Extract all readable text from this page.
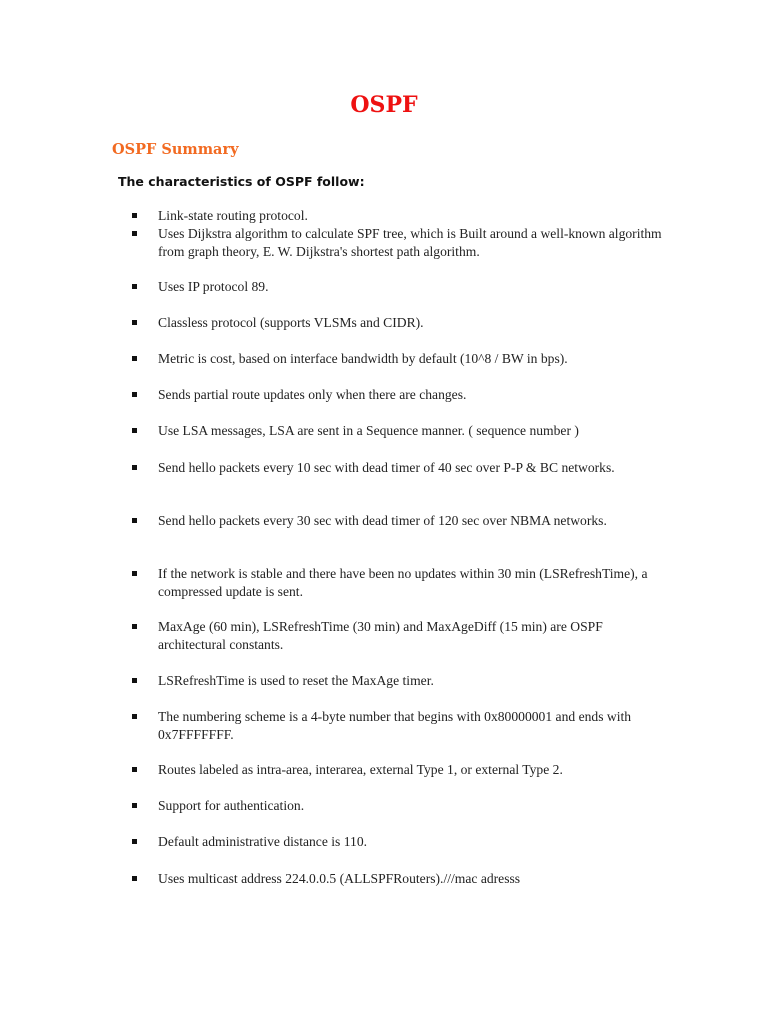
OSPF
OSPF Summary
The characteristics of OSPF follow:
Link-state routing protocol.
Uses Dijkstra algorithm to calculate SPF tree, which is Built around a well-known algorithm from graph theory, E. W. Dijkstra's shortest path algorithm.
Uses IP protocol 89.
Classless protocol (supports VLSMs and CIDR).
Metric is cost, based on interface bandwidth by default (10^8 / BW in bps).
Sends partial route updates only when there are changes.
Use LSA messages, LSA are sent in a Sequence manner. ( sequence number )
Send hello packets every 10 sec with dead timer of 40 sec over P-P & BC networks.
Send hello packets every 30 sec with dead timer of 120 sec over NBMA networks.
If the network is stable and there have been no updates within 30 min (LSRefreshTime), a compressed update is sent.
MaxAge (60 min), LSRefreshTime (30 min) and MaxAgeDiff (15 min) are OSPF architectural constants.
LSRefreshTime is used to reset the MaxAge timer.
The numbering scheme is a 4-byte number that begins with 0x80000001 and ends with 0x7FFFFFFF.
Routes labeled as intra-area, interarea, external Type 1, or external Type 2.
Support for authentication.
Default administrative distance is 110.
Uses multicast address 224.0.0.5 (ALLSPFRouters).///mac adresss
